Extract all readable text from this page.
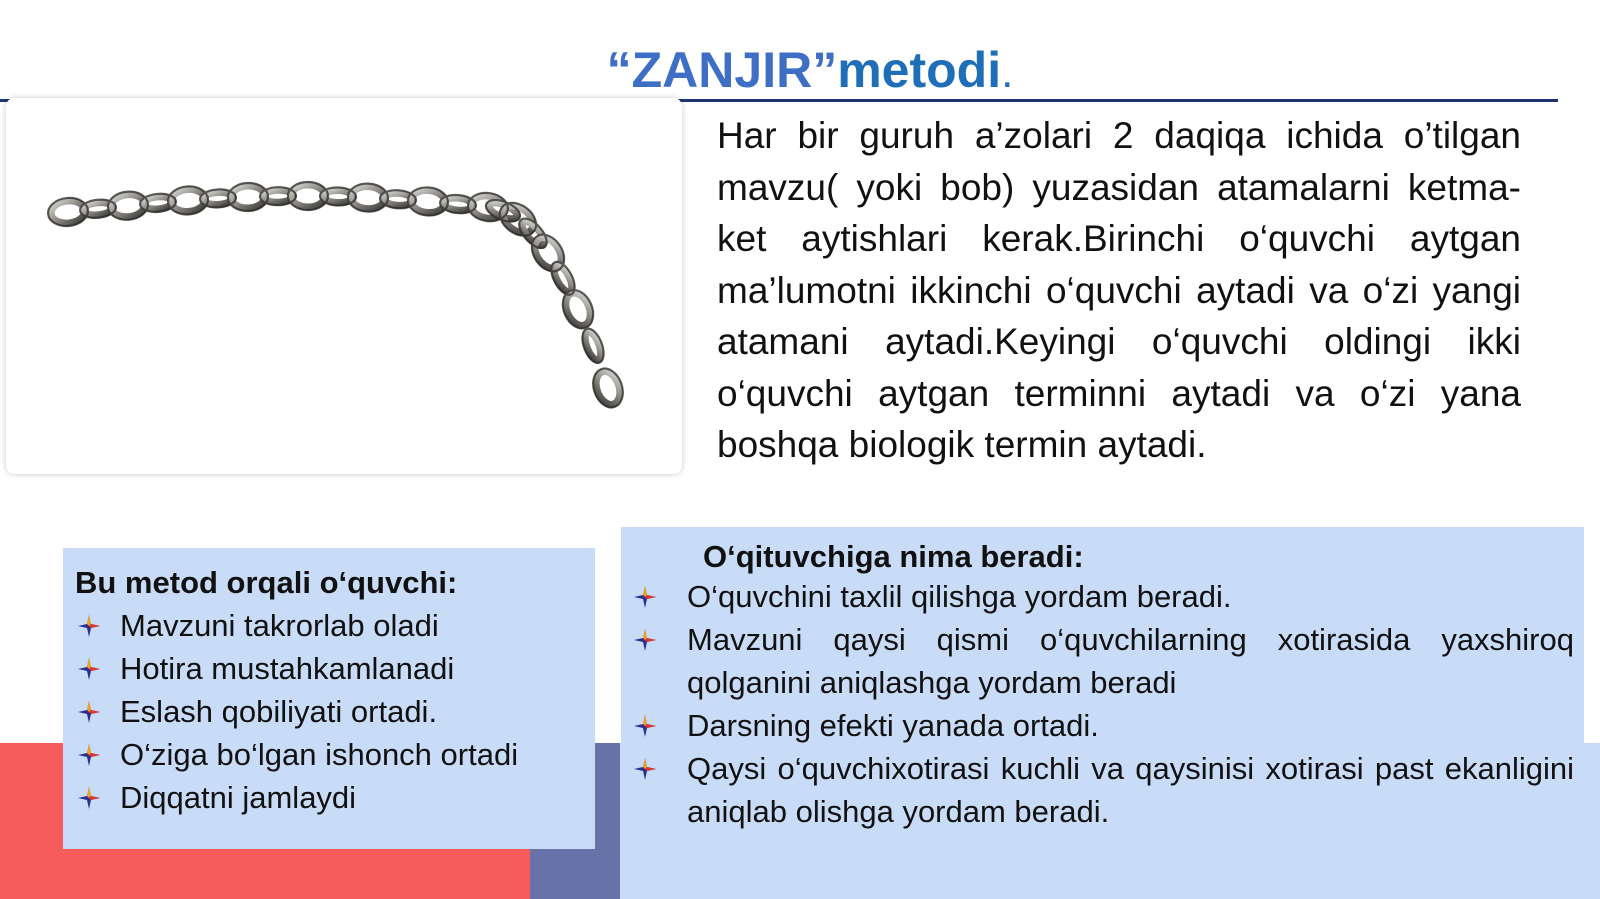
“ZANJIR”metodi.
Har bir guruh a’zolari 2 daqiqa ichida o’tilgan mavzu( yoki bob) yuzasidan atamalarni ketma-ket aytishlari kerak.Birinchi o‘quvchi aytgan ma’lumotni ikkinchi o‘quvchi aytadi va o‘zi yangi atamani aytadi.Keyingi o‘quvchi oldingi ikki o‘quvchi aytgan terminni aytadi va o‘zi yana boshqa biologik termin aytadi.
Bu metod orqali o‘quvchi:
Mavzuni takrorlab oladi
Hotira mustahkamlanadi
Eslash qobiliyati ortadi.
O‘ziga bo‘lgan ishonch ortadi
Diqqatni jamlaydi
O‘qituvchiga nima beradi:
O‘quvchini taxlil qilishga yordam beradi.
Mavzuni qaysi qismi o‘quvchilarning xotirasida yaxshiroq qolganini aniqlashga yordam beradi
Darsning efekti yanada ortadi.
Qaysi o‘quvchixotirasi kuchli va qaysinisi xotirasi past ekanligini aniqlab olishga yordam beradi.
